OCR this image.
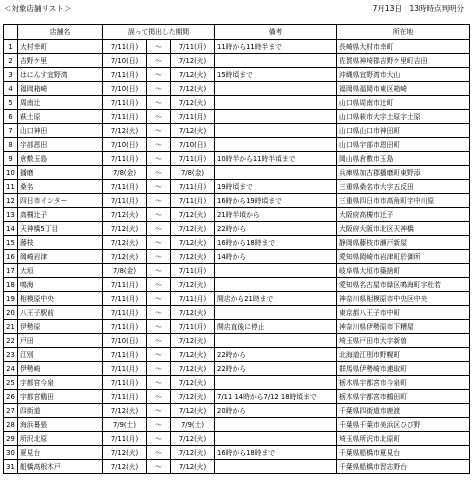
＜対象店舗リスト＞	7月13日　13時時点判明分
	店舗名	誤って掲出した期間			備考	所在地
1	大村幸町	7/11(月)	～	7/11(月)	11時から11時半まで	長崎県大村市幸町
2	吉野ケ里	7/10(日)	～	7/12(火)		佐賀県神埼郡吉野ケ里町吉田
3	はにんす宜野湾	7/11(月)	～	7/12(火)	15時頃まで	沖縄県宜野湾市大山
4	福岡箱崎	7/10(日)	～	7/12(火)		福岡県福岡市東区箱崎
5	周南辻	7/11(月)	～	7/12(火)		山口県周南市辻町
6	萩土原	7/11(月)	～	7/11(月)		山口県萩市大字土原字土原
7	山口神田	7/12(火)	～	7/12(火)		山口県山口市神田町
8	宇部恩田	7/10(日)	～	7/10(日)		山口県宇部市恩田町
9	倉敷玉島	7/11(月)	～	7/11(月)	10時半から11時半頃まで	岡山県倉敷市玉島
10	播磨	7/8(金)	～	7/8(金)		兵庫県加古郡播磨町東野添
11	桑名	7/11(月)	～	7/11(月)	19時頃まで	三重県桑名市大字五反田
12	四日市インター	7/11(月)	～	7/11(月)	16時から19時頃まで	三重県四日市市高角町字中川原
13	高槻辻子	7/12(火)	～	7/12(火)	21時半頃から	大阪府高槻市辻子
14	天神橋5丁目	7/12(火)	～	7/12(火)	22時から	大阪府大阪市北区天神橋
15	藤枝	7/12(火)	～	7/12(火)	16時から18時まで	静岡県藤枝市瀬戸新屋
16	岡崎岩津	7/12(火)	～	7/12(火)	14時から	愛知県岡崎市岩津町於御所
17	大垣	7/8(金)	～	7/11(月)		岐阜県大垣市築捨町
18	鳴海	7/11(月)	～	7/12(火)		愛知県名古屋市緑区鳴海町字杜若
19	相模原中央	7/11(月)	～	7/11(月)	開店から21時まで	神奈川県相模原市中央区中央
20	八王子駅前	7/11(月)	～	7/12(火)		東京都八王子市中町
21	伊勢原	7/11(月)	～	7/11(月)	開店直後に停止	神奈川県伊勢原市下糟屋
22	戸田	7/10(日)	～	7/12(火)		埼玉県戸田市大字新曽
23	江別	7/11(月)	～	7/12(火)	22時から	北海道江別市野幌町
24	伊勢崎	7/11(月)	～	7/12(火)	22時から	群馬県伊勢崎市連取町
25	宇都宮今泉	7/11(月)	～	7/12(火)		栃木県宇都宮市今泉町
26	宇都宮鶴田	7/11(月)	～	7/12(火)	7/11 14時から7/12 18時頃まで	栃木県宇都宮市鶴田町
27	四街道	7/12(火)	～	7/12(火)	20時から	千葉県四街道市鹿渡
28	海浜幕張	7/9(土)	～	7/9(土)		千葉県千葉市美浜区ひび野
29	所沢北原	7/11(月)	～	7/12(火)		埼玉県所沢市北原町
30	夏見台	7/12(火)	～	7/12(火)	16時から18時まで	千葉県船橋市夏見台
31	船橋高根木戸	7/12(火)	～	7/12(火)		千葉県船橋市習志野台
